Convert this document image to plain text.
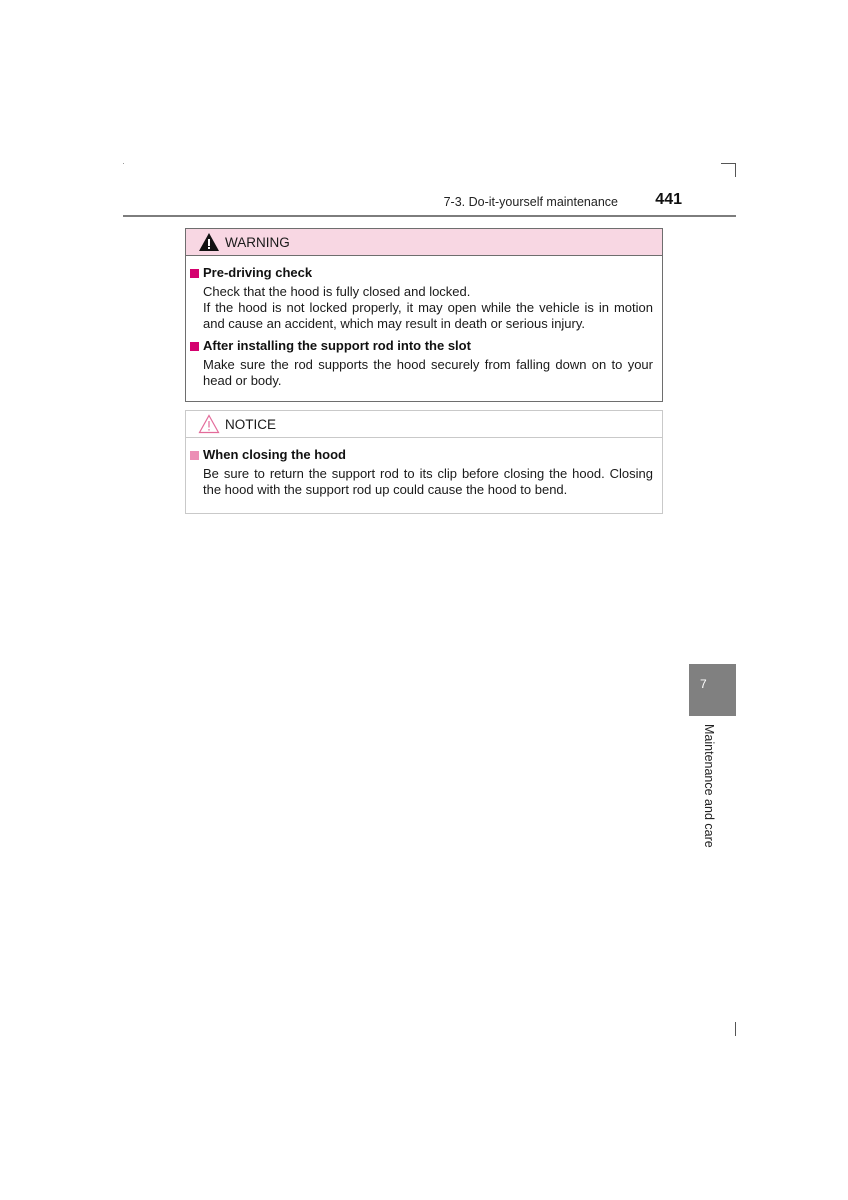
7-3. Do-it-yourself maintenance 441
WARNING
Pre-driving check

Check that the hood is fully closed and locked.

If the hood is not locked properly, it may open while the vehicle is in motion and cause an accident, which may result in death or serious injury.

After installing the support rod into the slot

Make sure the rod supports the hood securely from falling down on to your head or body.

NOTICE
When closing the hood

Be sure to return the support rod to its clip before closing the hood. Closing the hood with the support rod up could cause the hood to bend.

7
Maintenance and care
